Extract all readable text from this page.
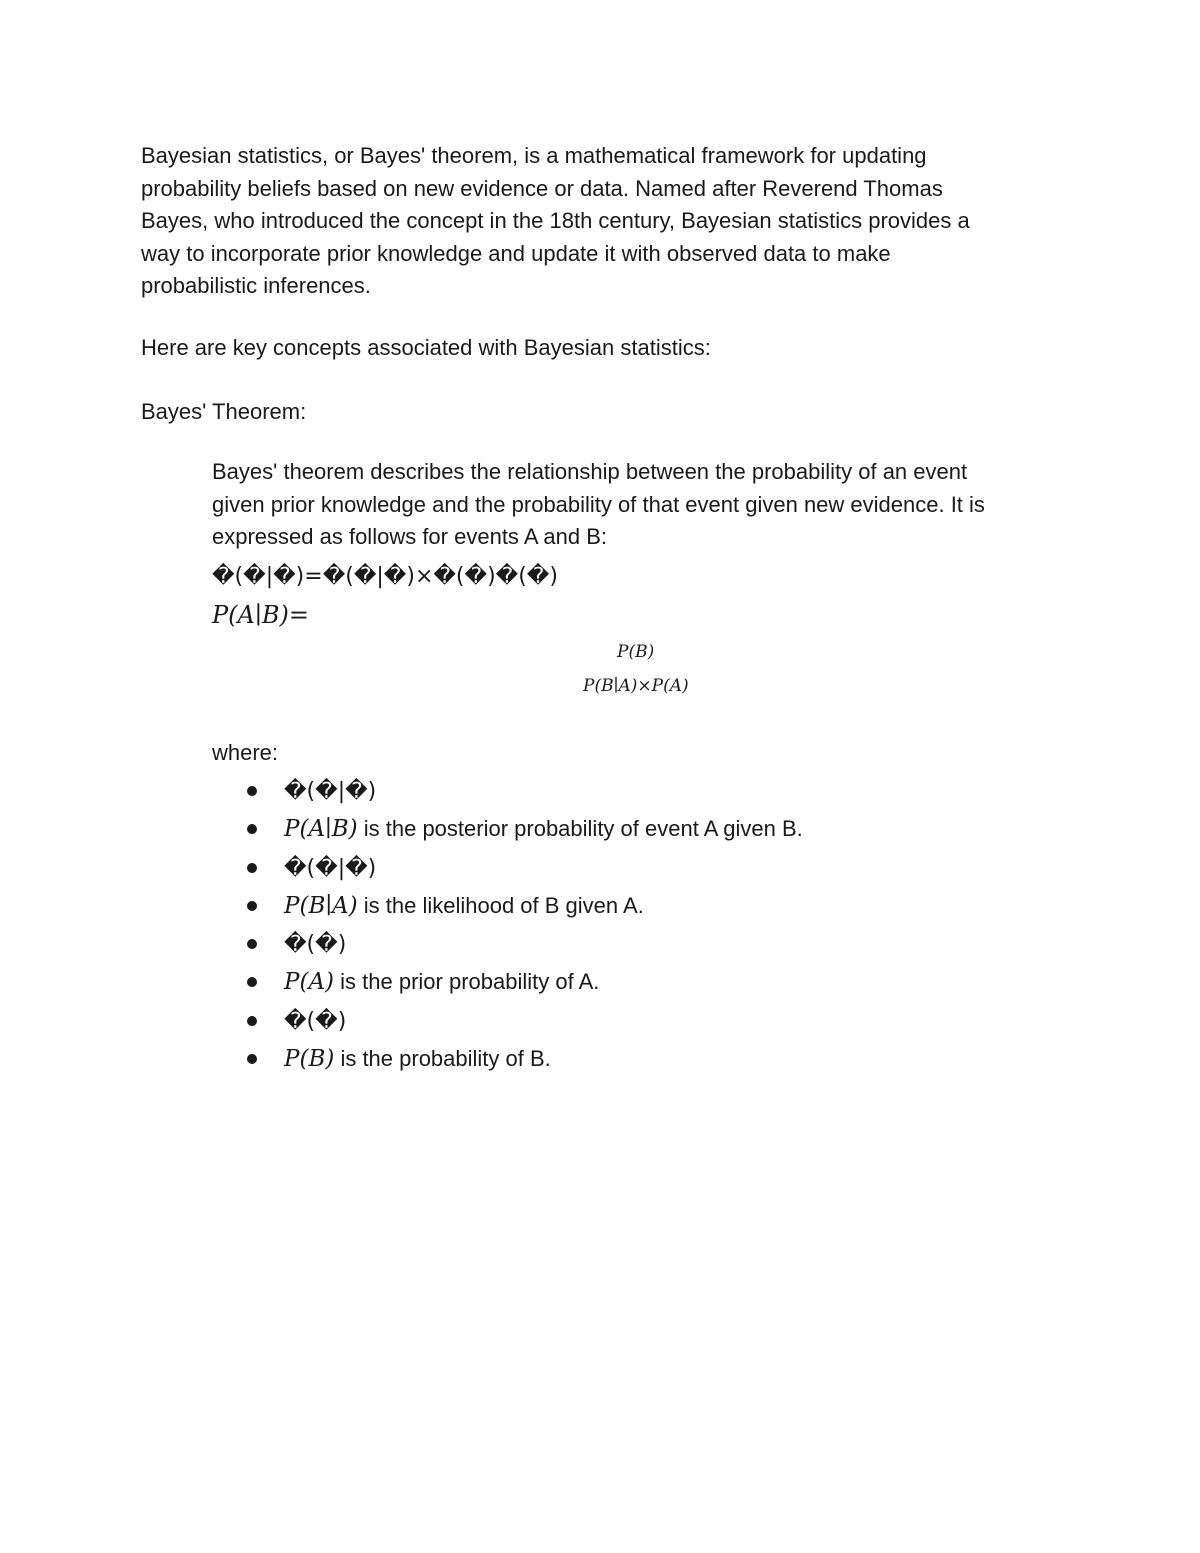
Bayesian statistics, or Bayes' theorem, is a mathematical framework for updating
probability beliefs based on new evidence or data. Named after Reverend Thomas
Bayes, who introduced the concept in the 18th century, Bayesian statistics provides a
way to incorporate prior knowledge and update it with observed data to make
probabilistic inferences.
Here are key concepts associated with Bayesian statistics:
Bayes' Theorem:
Bayes' theorem describes the relationship between the probability of an event
given prior knowledge and the probability of that event given new evidence. It is
expressed as follows for events A and B:
�(�|�)=�(�|�)×�(�)�(�)
P(A∣B)=
P(B)
P(B∣A)×P(A)
where:
�(�|�)
P(A∣B) is the posterior probability of event A given B.
�(�|�)
P(B∣A) is the likelihood of B given A.
�(�)
P(A) is the prior probability of A.
�(�)
P(B) is the probability of B.
